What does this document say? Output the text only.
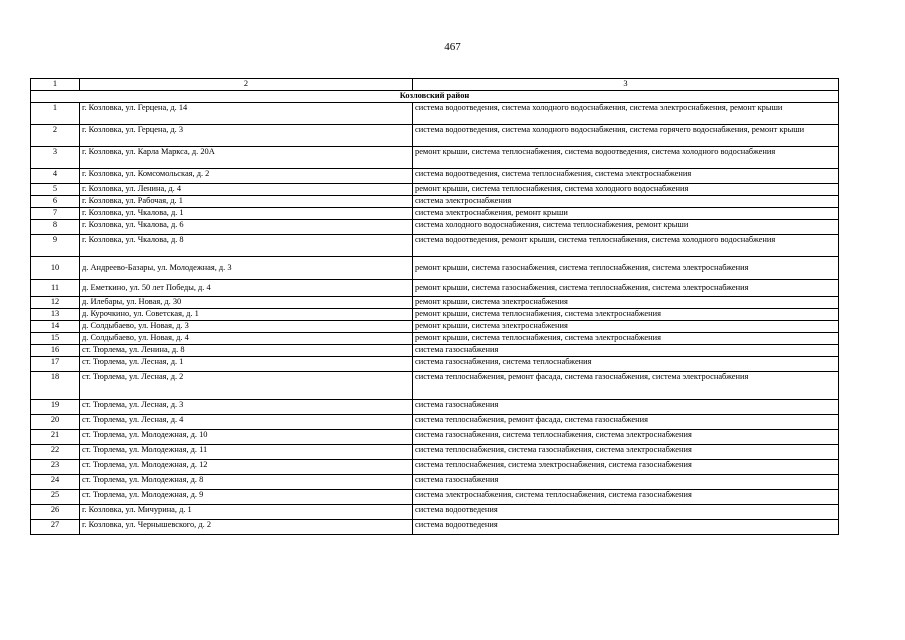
467
1	2	3
Козловский район		
1	г. Козловка, ул. Герцена, д. 14	система водоотведения, система холодного водоснабжения, система электроснабжения, ремонт крыши
2	г. Козловка, ул. Герцена, д. 3	система водоотведения, система холодного водоснабжения, система горячего водоснабжения, ремонт крыши
3	г. Козловка, ул. Карла Маркса, д. 20А	ремонт крыши, система теплоснабжения, система водоотведения, система холодного водоснабжения
4	г. Козловка, ул. Комсомольская, д. 2	система водоотведения, система теплоснабжения, система электроснабжения
5	г. Козловка, ул. Ленина, д. 4	ремонт крыши, система теплоснабжения, система холодного водоснабжения
6	г. Козловка, ул. Рабочая, д. 1	система электроснабжения
7	г. Козловка, ул. Чкалова, д. 1	система электроснабжения, ремонт крыши
8	г. Козловка, ул. Чкалова, д. 6	система холодного водоснабжения, система теплоснабжения, ремонт крыши
9	г. Козловка, ул. Чкалова, д. 8	система водоотведения, ремонт крыши, система теплоснабжения, система холодного водоснабжения
10	д. Андреево-Базары, ул. Молодежная, д. 3	ремонт крыши, система газоснабжения, система теплоснабжения, система электроснабжения
11	д. Еметкино, ул. 50 лет Победы, д. 4	ремонт крыши, система газоснабжения, система теплоснабжения, система электроснабжения
12	д. Илебары, ул. Новая, д. 30	ремонт крыши, система электроснабжения
13	д. Курочкино, ул. Советская, д. 1	ремонт крыши, система теплоснабжения, система электроснабжения
14	д. Солдыбаево, ул. Новая, д. 3	ремонт крыши, система электроснабжения
15	д. Солдыбаево, ул. Новая, д. 4	ремонт крыши, система теплоснабжения, система электроснабжения
16	ст. Тюрлема, ул. Ленина, д. 8	система газоснабжения
17	ст. Тюрлема, ул. Лесная, д. 1	система газоснабжения, система теплоснабжения
18	ст. Тюрлема, ул. Лесная, д. 2	система теплоснабжения, ремонт фасада, система газоснабжения, система электроснабжения
19	ст. Тюрлема, ул. Лесная, д. 3	система газоснабжения
20	ст. Тюрлема, ул. Лесная, д. 4	система теплоснабжения, ремонт фасада, система газоснабжения
21	ст. Тюрлема, ул. Молодежная, д. 10	система газоснабжения, система теплоснабжения, система электроснабжения
22	ст. Тюрлема, ул. Молодежная, д. 11	система теплоснабжения, система газоснабжения, система электроснабжения
23	ст. Тюрлема, ул. Молодежная, д. 12	система теплоснабжения, система электроснабжения, система газоснабжения
24	ст. Тюрлема, ул. Молодежная, д. 8	система газоснабжения
25	ст. Тюрлема, ул. Молодежная, д. 9	система электроснабжения, система теплоснабжения, система газоснабжения
26	г. Козловка, ул. Мичурина, д. 1	система водоотведения
27	г. Козловка, ул. Чернышевского, д. 2	система водоотведения
